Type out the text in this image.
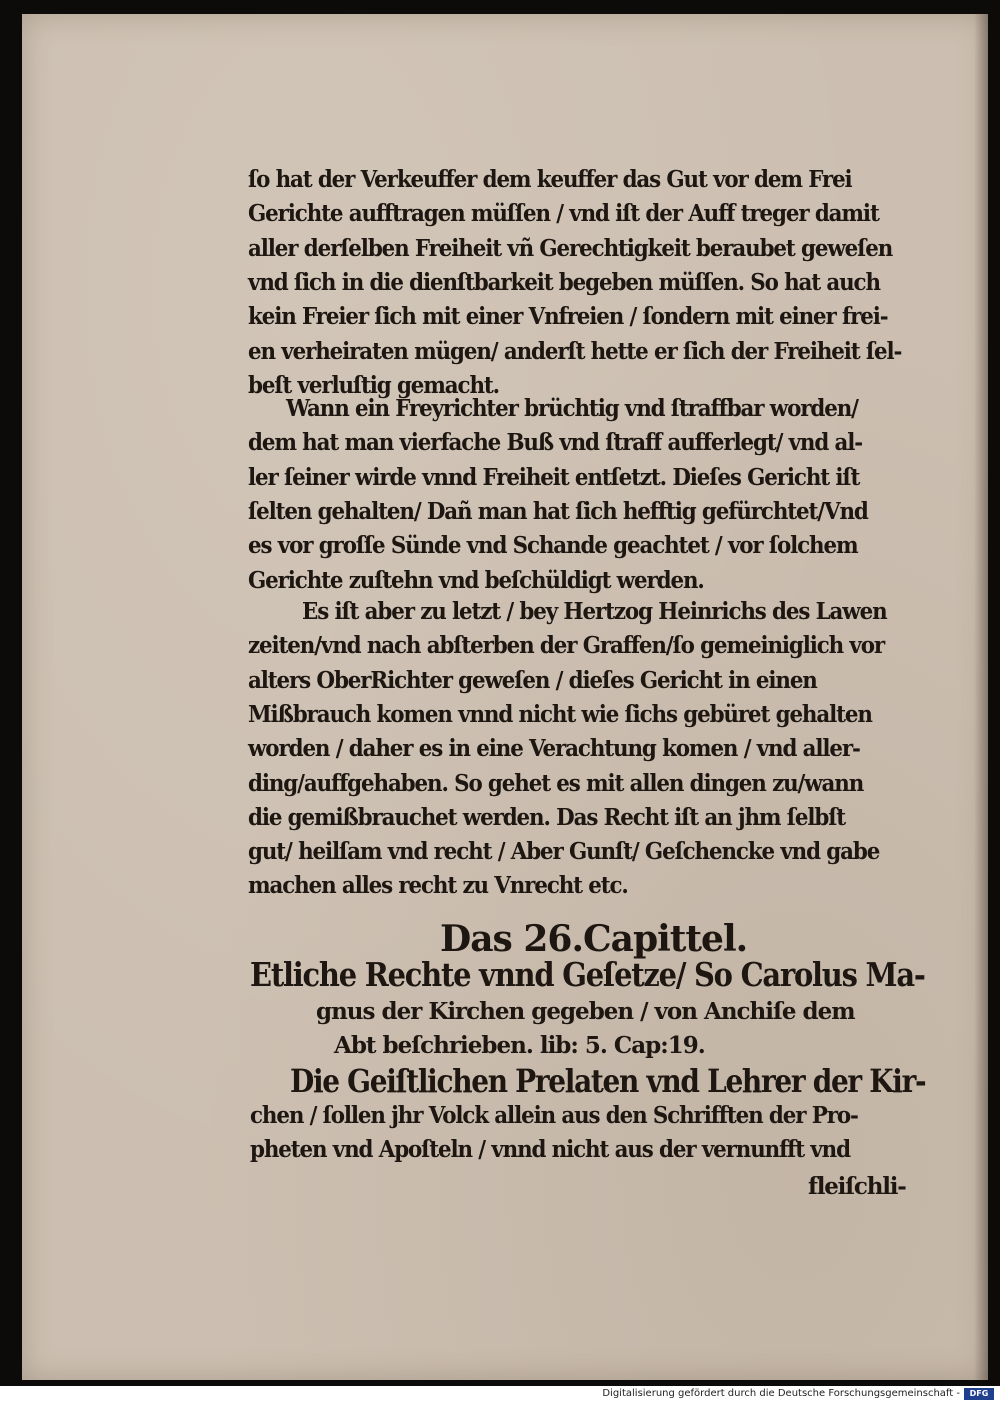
ſo hat der Verkeuffer dem keuffer das Gut vor dem Frei
Gerichte aufftragen müſſen / vnd iſt der Auff treger damit
aller derſelben Freiheit vñ Gerechtigkeit beraubet geweſen
vnd ſich in die dienſtbarkeit begeben müſſen. So hat auch
kein Freier ſich mit einer Vnfreien / ſondern mit einer frei-
en verheiraten mügen/ anderſt hette er ſich der Freiheit ſel-
beſt verluſtig gemacht.
Wann ein Freyrichter brüchtig vnd ſtraffbar worden/
dem hat man vierfache Buß vnd ſtraff aufferlegt/ vnd al-
ler ſeiner wirde vnnd Freiheit entſetzt. Dieſes Gericht iſt
ſelten gehalten/ Dañ man hat ſich hefftig gefürchtet/Vnd
es vor groſſe Sünde vnd Schande geachtet / vor ſolchem
Gerichte zuſtehn vnd beſchüldigt werden.
Es iſt aber zu letzt / bey Hertzog Heinrichs des Lawen
zeiten/vnd nach abſterben der Graffen/ſo gemeiniglich vor
alters OberRichter geweſen / dieſes Gericht in einen
Mißbrauch komen vnnd nicht wie ſichs gebüret gehalten
worden / daher es in eine Verachtung komen / vnd aller-
ding/auffgehaben. So gehet es mit allen dingen zu/wann
die gemißbrauchet werden. Das Recht iſt an jhm ſelbſt
gut/ heilſam vnd recht / Aber Gunſt/ Geſchencke vnd gabe
machen alles recht zu Vnrecht etc.
Das 26.Capittel.
Etliche Rechte vnnd Geſetze/ So Carolus Ma-
gnus der Kirchen gegeben / von Anchiſe dem
Abt beſchrieben. lib: 5. Cap:19.
Die Geiſtlichen Prelaten vnd Lehrer der Kir-
chen / ſollen jhr Volck allein aus den Schrifften der Pro-
pheten vnd Apoſteln / vnnd nicht aus der vernunfft vnd
fleiſchli-
Digitalisierung gefördert durch die Deutsche Forschungsgemeinschaft -	DFG
